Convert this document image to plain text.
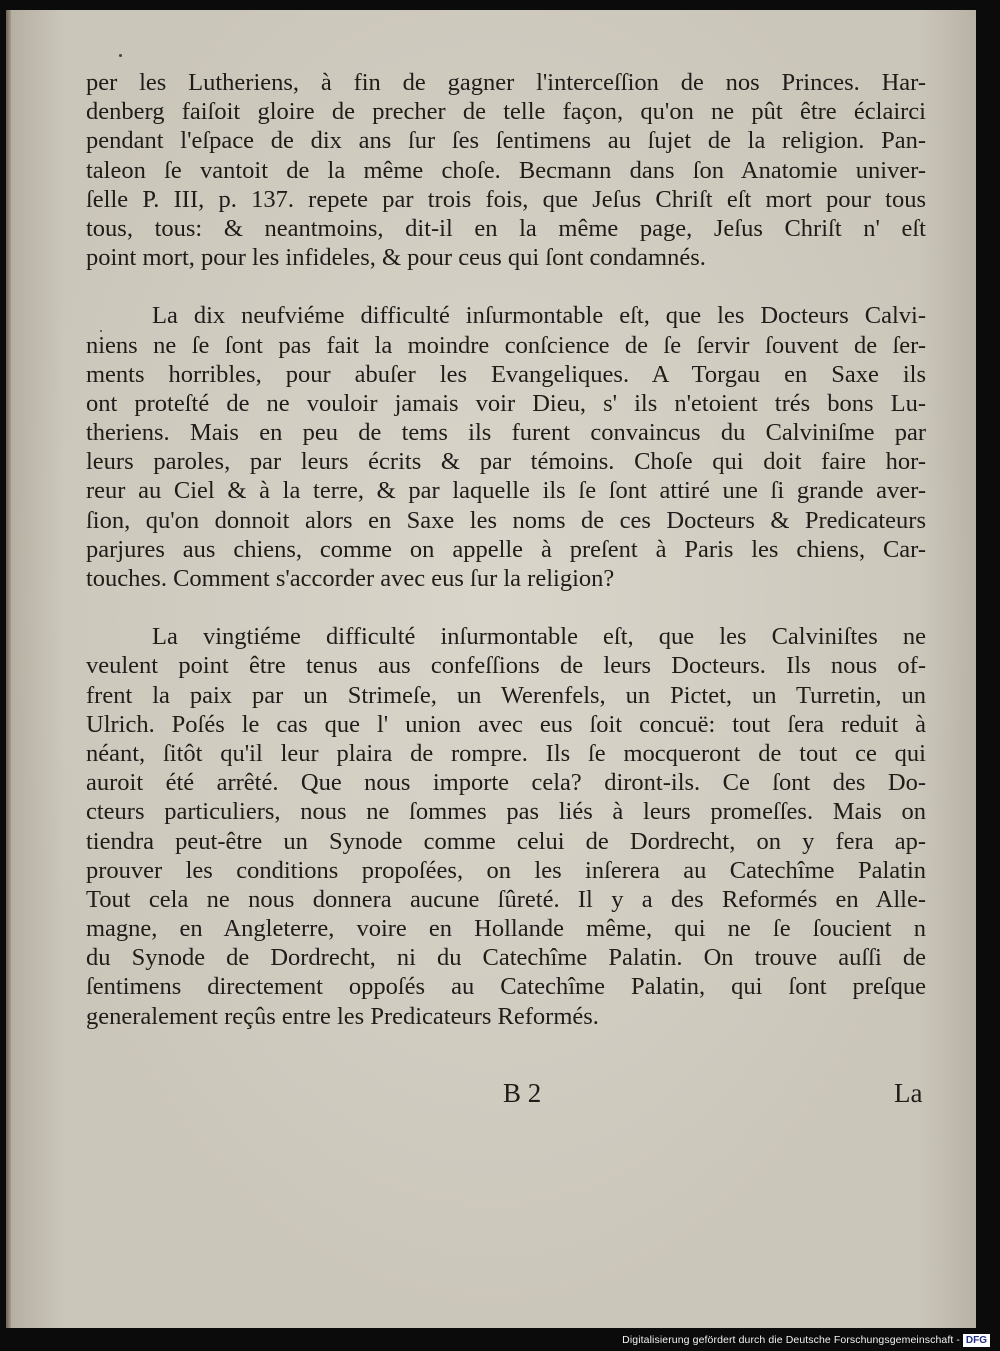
per les Lutheriens, à fin de gagner l'interceſſion de nos Princes. Har-
denberg faiſoit gloire de precher de telle façon, qu'on ne pût être éclairci
pendant l'eſpace de dix ans ſur ſes ſentimens au ſujet de la religion. Pan-
taleon ſe vantoit de la même choſe. Becmann dans ſon Anatomie univer-
ſelle P. III, p. 137. repete par trois fois, que Jeſus Chriſt eſt mort pour tous
tous, tous: & neantmoins, dit-il en la même page, Jeſus Chriſt n' eſt
point mort, pour les infideles, & pour ceus qui ſont condamnés.
La dix neufviéme difficulté inſurmontable eſt, que les Docteurs Calvi-
niens ne ſe ſont pas fait la moindre conſcience de ſe ſervir ſouvent de ſer-
ments horribles, pour abuſer les Evangeliques. A Torgau en Saxe ils
ont proteſté de ne vouloir jamais voir Dieu, s' ils n'etoient trés bons Lu-
theriens. Mais en peu de tems ils furent convaincus du Calviniſme par
leurs paroles, par leurs écrits & par témoins. Choſe qui doit faire hor-
reur au Ciel & à la terre, & par laquelle ils ſe ſont attiré une ſi grande aver-
ſion, qu'on donnoit alors en Saxe les noms de ces Docteurs & Predicateurs
parjures aus chiens, comme on appelle à preſent à Paris les chiens, Car-
touches. Comment s'accorder avec eus ſur la religion?
La vingtiéme difficulté inſurmontable eſt, que les Calviniſtes ne
veulent point être tenus aus confeſſions de leurs Docteurs. Ils nous of-
frent la paix par un Strimeſe, un Werenfels, un Pictet, un Turretin, un
Ulrich. Poſés le cas que l' union avec eus ſoit concuë: tout ſera reduit à
néant, ſitôt qu'il leur plaira de rompre. Ils ſe mocqueront de tout ce qui
auroit été arrêté. Que nous importe cela? diront-ils. Ce ſont des Do-
cteurs particuliers, nous ne ſommes pas liés à leurs promeſſes. Mais on
tiendra peut-être un Synode comme celui de Dordrecht, on y fera ap-
prouver les conditions propoſées, on les inſerera au Catechîme Palatin
Tout cela ne nous donnera aucune ſûreté. Il y a des Reformés en Alle-
magne, en Angleterre, voire en Hollande même, qui ne ſe ſoucient n
du Synode de Dordrecht, ni du Catechîme Palatin. On trouve auſſi de
ſentimens directement oppoſés au Catechîme Palatin, qui ſont preſque
generalement reçûs entre les Predicateurs Reformés.
B 2	La
Digitalisierung gefördert durch die Deutsche Forschungsgemeinschaft - DFG
